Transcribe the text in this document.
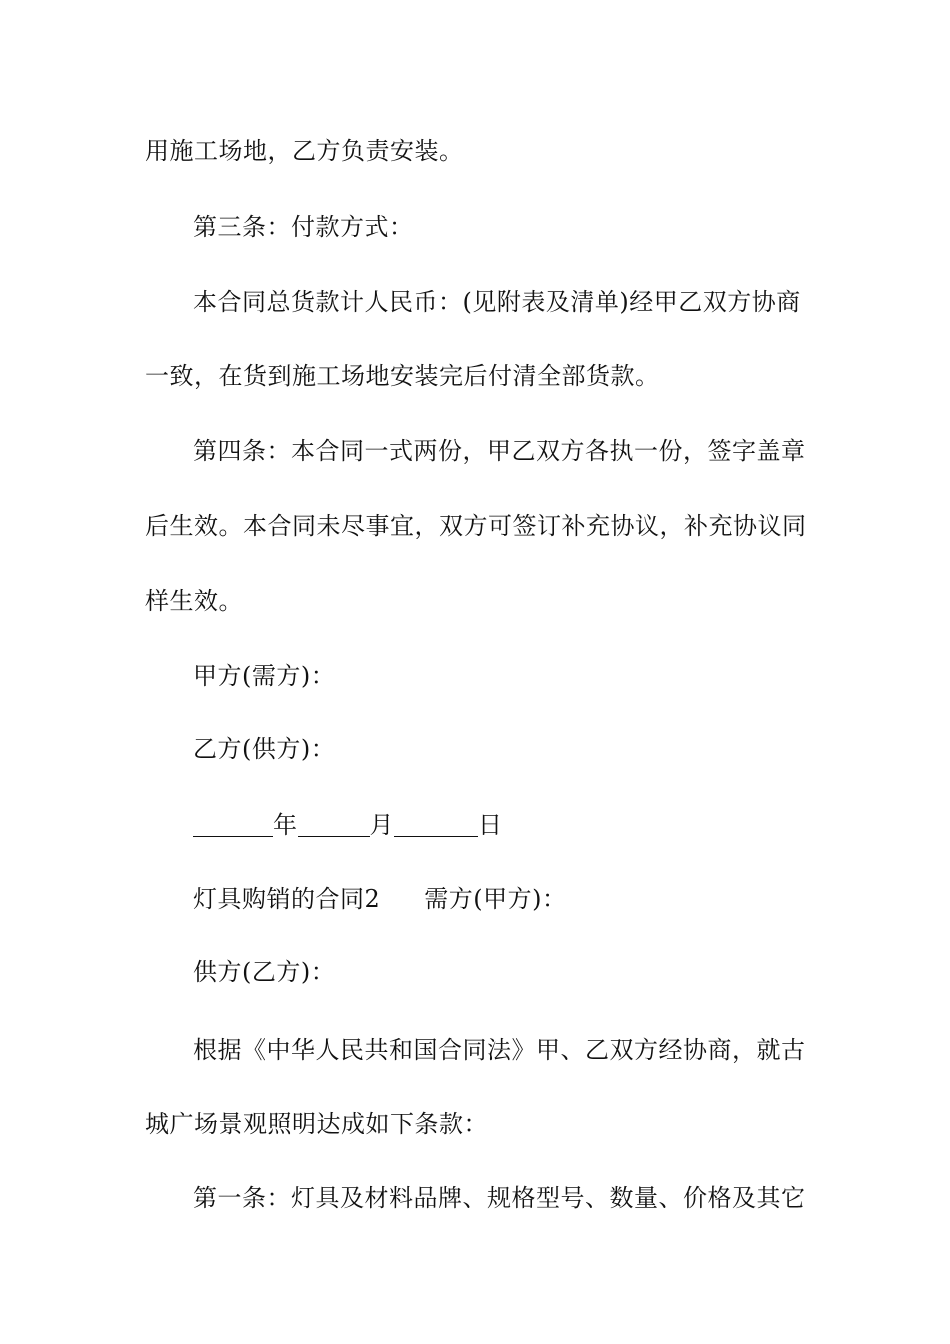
用施工场地，乙方负责安装。
第三条：付款方式：
本合同总货款计人民币：(见附表及清单)经甲乙双方协商
一致，在货到施工场地安装完后付清全部货款。
第四条：本合同一式两份，甲乙双方各执一份，签字盖章
后生效。本合同未尽事宜，双方可签订补充协议，补充协议同
样生效。
甲方(需方)：
乙方(供方)：
年	月	日
灯具购销的合同2 需方(甲方)：
供方(乙方)：
根据《中华人民共和国合同法》甲、乙双方经协商，就古
城广场景观照明达成如下条款：
第一条：灯具及材料品牌、规格型号、数量、价格及其它
